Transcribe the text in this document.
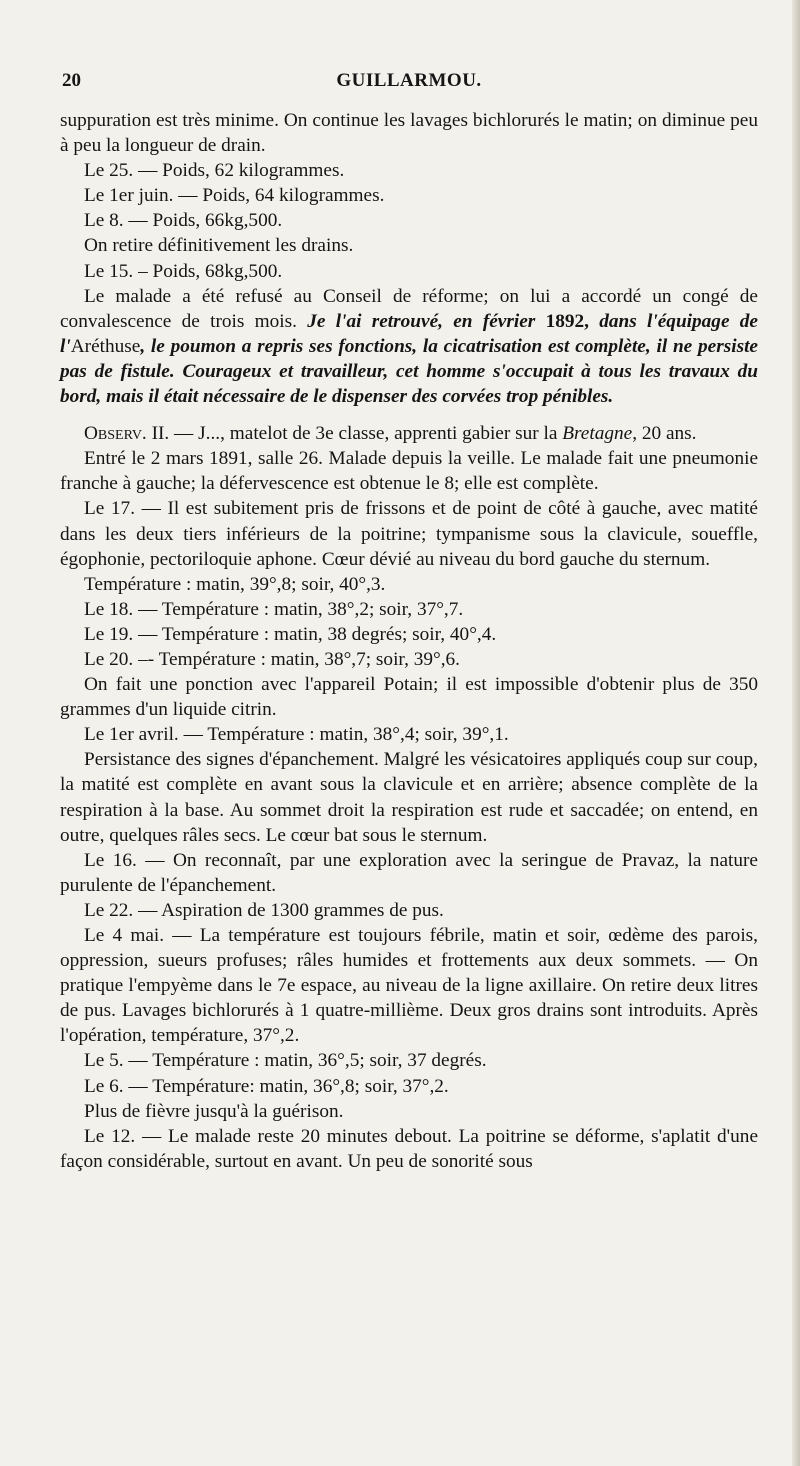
20	GUILLARMOU.

suppuration est très minime. On continue les lavages bichlorurés le matin; on diminue peu à peu la longueur de drain.

Le 25. — Poids, 62 kilogrammes.

Le 1er juin. — Poids, 64 kilogrammes.

Le 8. — Poids, 66kg,500.

On retire définitivement les drains.

Le 15. – Poids, 68kg,500.

Le malade a été refusé au Conseil de réforme; on lui a accordé un congé de convalescence de trois mois. Je l'ai retrouvé, en février 1892, dans l'équipage de l'Aréthuse, le poumon a repris ses fonctions, la cicatrisation est complète, il ne persiste pas de fistule. Courageux et travailleur, cet homme s'occupait à tous les travaux du bord, mais il était nécessaire de le dispenser des corvées trop pénibles.

Observ. II. — J..., matelot de 3e classe, apprenti gabier sur la Bretagne, 20 ans.

Entré le 2 mars 1891, salle 26. Malade depuis la veille. Le malade fait une pneumonie franche à gauche; la défervescence est obtenue le 8; elle est complète.

Le 17. — Il est subitement pris de frissons et de point de côté à gauche, avec matité dans les deux tiers inférieurs de la poitrine; tympanisme sous la clavicule, soueffle, égophonie, pectoriloquie aphone. Cœur dévié au niveau du bord gauche du sternum.

Température : matin, 39°,8; soir, 40°,3.

Le 18. — Température : matin, 38°,2; soir, 37°,7.

Le 19. — Température : matin, 38 degrés; soir, 40°,4.

Le 20. –- Température : matin, 38°,7; soir, 39°,6.

On fait une ponction avec l'appareil Potain; il est impossible d'obtenir plus de 350 grammes d'un liquide citrin.

Le 1er avril. — Température : matin, 38°,4; soir, 39°,1.

Persistance des signes d'épanchement. Malgré les vésicatoires appliqués coup sur coup, la matité est complète en avant sous la clavicule et en arrière; absence complète de la respiration à la base. Au sommet droit la respiration est rude et saccadée; on entend, en outre, quelques râles secs. Le cœur bat sous le sternum.

Le 16. — On reconnaît, par une exploration avec la seringue de Pravaz, la nature purulente de l'épanchement.

Le 22. — Aspiration de 1300 grammes de pus.

Le 4 mai. — La température est toujours fébrile, matin et soir, œdème des parois, oppression, sueurs profuses; râles humides et frottements aux deux sommets. — On pratique l'empyème dans le 7e espace, au niveau de la ligne axillaire. On retire deux litres de pus. Lavages bichlorurés à 1 quatre-millième. Deux gros drains sont introduits. Après l'opération, température, 37°,2.

Le 5. — Température : matin, 36°,5; soir, 37 degrés.

Le 6. — Température: matin, 36°,8; soir, 37°,2.

Plus de fièvre jusqu'à la guérison.

Le 12. — Le malade reste 20 minutes debout. La poitrine se déforme, s'aplatit d'une façon considérable, surtout en avant. Un peu de sonorité sous
